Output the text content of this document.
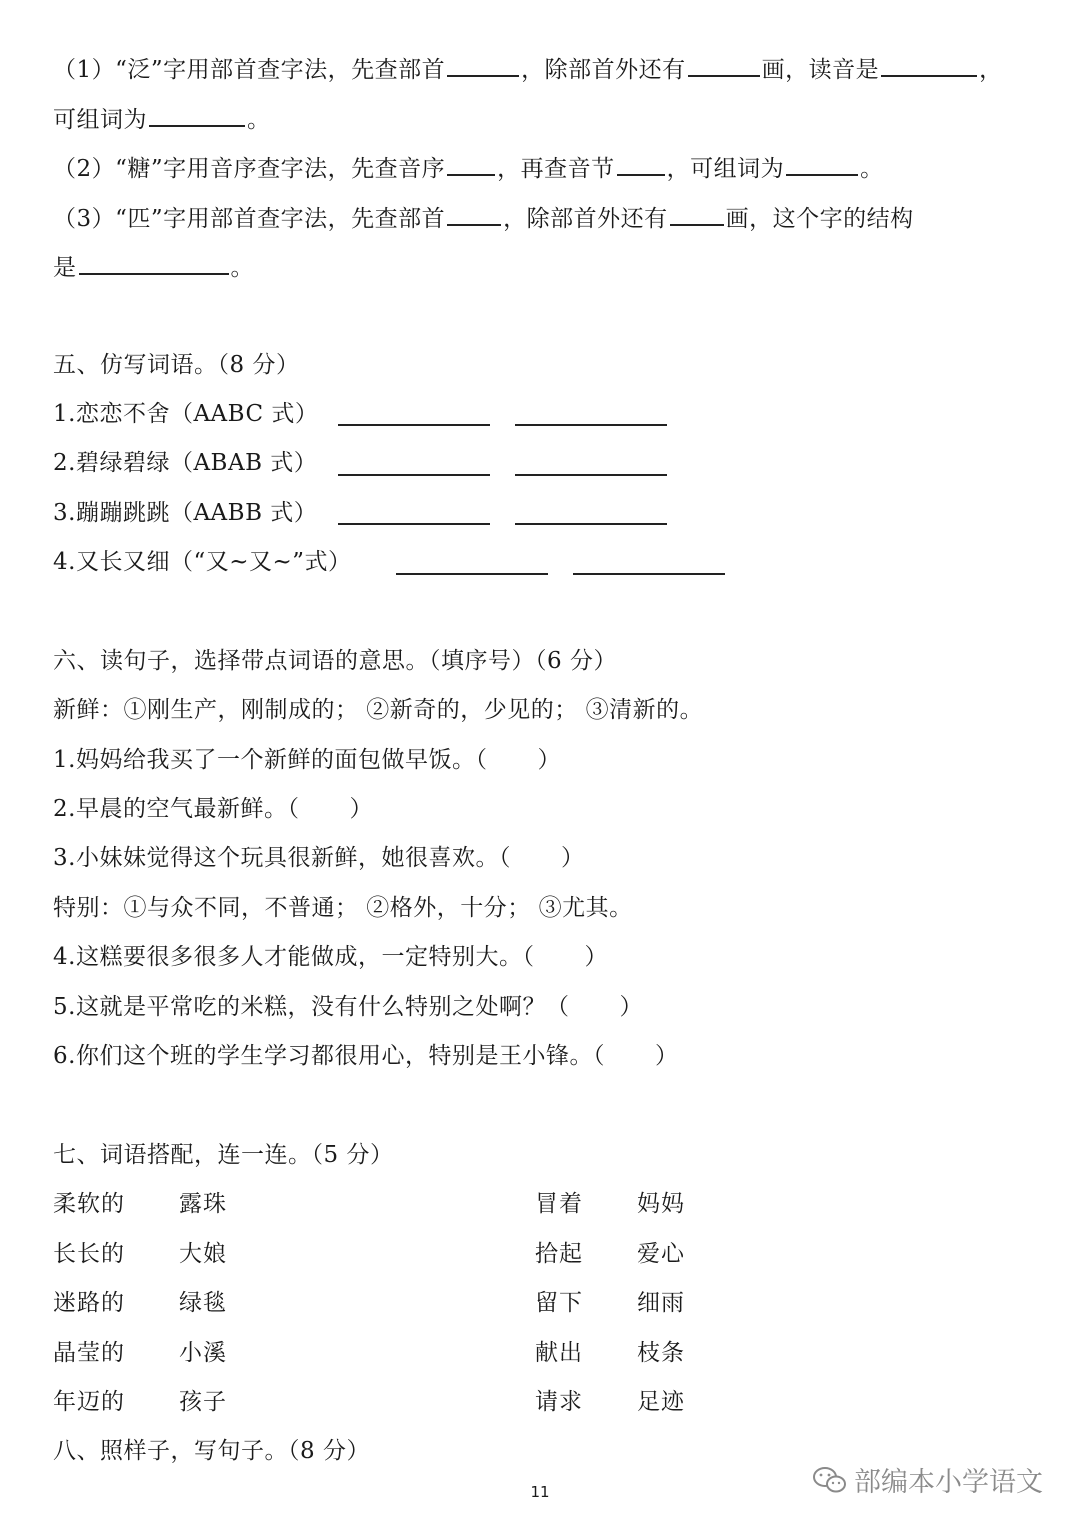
（1）“泛”字用部首查字法，先查部首	，除部首外还有	画，读音是	，
可组词为	。
（2）“糖”字用音序查字法，先查音序 ，再查音节 ，可组词为	。
（3）“匹”字用部首查字法，先查部首	，除部首外还有	画，这个字的结构
是	。
五、仿写词语。（8 分）
1.恋恋不舍（AABC 式）
2.碧绿碧绿（ABAB 式）
3.蹦蹦跳跳（AABB 式）
4.又长又细（“又~又~”式）
六、读句子，选择带点词语的意思。（填序号）（6 分）
新鲜：①刚生产，刚制成的； ②新奇的，少见的； ③清新的。
1.妈妈给我买了一个新鲜的面包做早饭。（ ）
2.早晨的空气最新鲜。（ ）
3.小妹妹觉得这个玩具很新鲜，她很喜欢。（ ）
特别：①与众不同，不普通； ②格外，十分； ③尤其。
4.这糕要很多很多人才能做成，一定特别大。（ ）
5.这就是平常吃的米糕，没有什么特别之处啊？（ ）
6.你们这个班的学生学习都很用心，特别是王小锋。（ ）
七、词语搭配，连一连。（5 分）
柔软的 露珠	冒着 妈妈
长长的 大娘	拾起 爱心
迷路的 绿毯	留下 细雨
晶莹的 小溪	献出 枝条
年迈的 孩子	请求 足迹
八、照样子，写句子。（8 分）
11	部编本小学语文
